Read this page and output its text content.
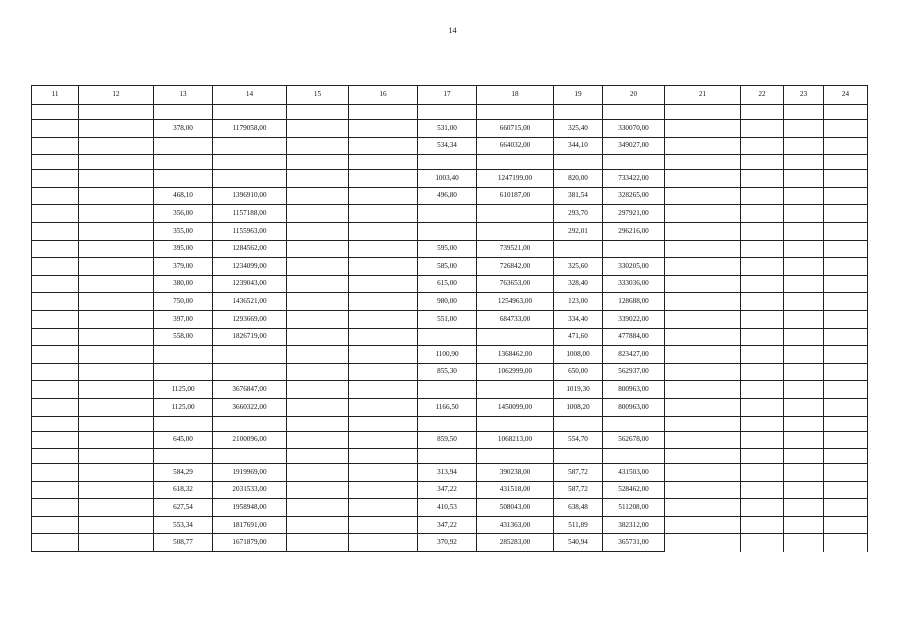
14
11	12	13	14	15	16	17	18	19	20	21	22	23	24

		378,00	1179058,00			531,00	660715,00	325,40	330070,00				
						534,34	664032,00	344,10	349027,00				

						1003,40	1247199,00	820,00	733422,00				
		468,10	1396910,00			496,80	610187,00	381,54	328265,00				
		356,00	1157188,00					293,70	297921,00				
		355,00	1155963,00					292,01	296216,00				
		395,00	1284562,00			595,00	739521,00						
		379,00	1234099,00			585,00	726842,00	325,60	330205,00				
		380,00	1239043,00			615,00	763653,00	328,40	333036,00				
		750,00	1436521,00			980,00	1254963,00	123,00	128688,00				
		397,00	1293669,00			551,00	684733,00	334,40	339022,00				
		558,00	1826719,00					471,60	477884,00				
						1100,90	1368462,00	1008,00	823427,00				
						855,30	1062999,00	650,00	562937,00				
		1125,00	3676847,00					1019,30	800963,00				
		1125,00	3660322,00			1166,50	1450099,00	1008,20	800963,00				

		645,00	2100096,00			859,50	1068213,00	554,70	562678,00				

		584,29	1919969,00			313,94	390238,00	587,72	431503,00				
		618,32	2031533,00			347,22	431518,00	587,72	528462,00				
		627,54	1958948,00			410,53	508043,00	638,48	511208,00				
		553,34	1817691,00			347,22	431363,00	511,89	382312,00				
		508,77	1671879,00			370,92	285283,00	540,94	365731,00				
